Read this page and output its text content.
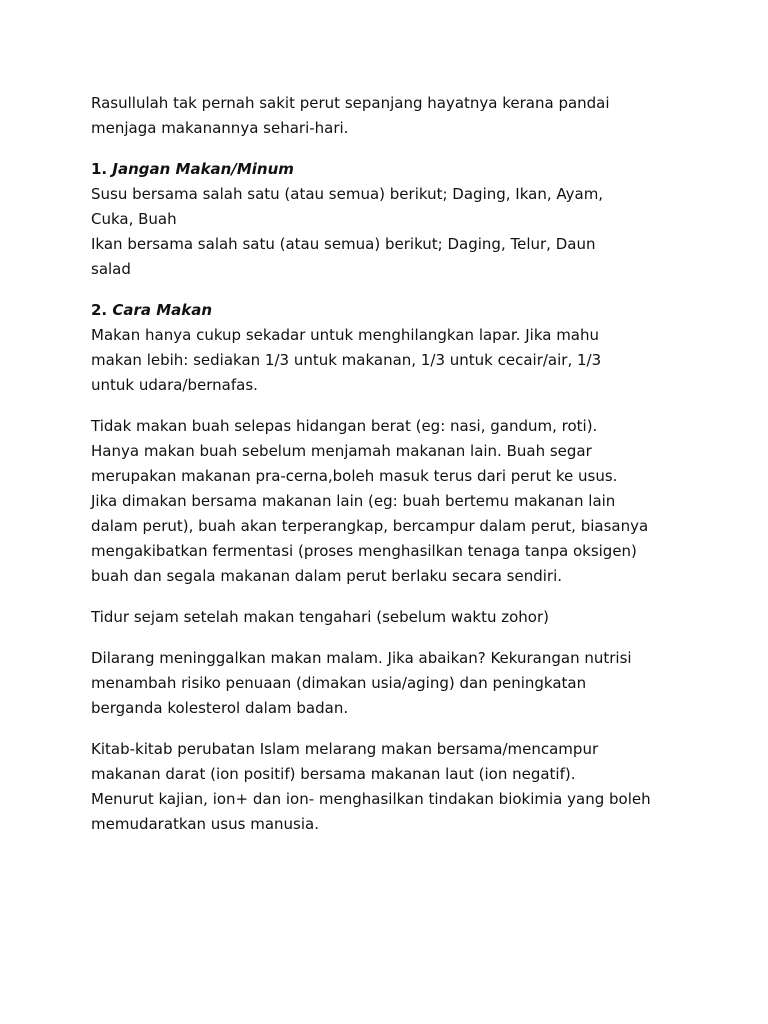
Rasullulah tak pernah sakit perut sepanjang hayatnya kerana pandai
menjaga makanannya sehari-hari.

1. Jangan Makan/Minum
Susu bersama salah satu (atau semua) berikut; Daging, Ikan, Ayam,
Cuka, Buah
Ikan bersama salah satu (atau semua) berikut; Daging, Telur, Daun
salad

2. Cara Makan
Makan hanya cukup sekadar untuk menghilangkan lapar. Jika mahu
makan lebih: sediakan 1/3 untuk makanan, 1/3 untuk cecair/air, 1/3
untuk udara/bernafas.

Tidak makan buah selepas hidangan berat (eg: nasi, gandum, roti).
Hanya makan buah sebelum menjamah makanan lain. Buah segar
merupakan makanan pra-cerna,boleh masuk terus dari perut ke usus.
Jika dimakan bersama makanan lain (eg: buah bertemu makanan lain
dalam perut), buah akan terperangkap, bercampur dalam perut, biasanya
mengakibatkan fermentasi (proses menghasilkan tenaga tanpa oksigen)
buah dan segala makanan dalam perut berlaku secara sendiri.

Tidur sejam setelah makan tengahari (sebelum waktu zohor)

Dilarang meninggalkan makan malam. Jika abaikan? Kekurangan nutrisi
menambah risiko penuaan (dimakan usia/aging) dan peningkatan
berganda kolesterol dalam badan.

Kitab-kitab perubatan Islam melarang makan bersama/mencampur
makanan darat (ion positif) bersama makanan laut (ion negatif).
Menurut kajian, ion+ dan ion- menghasilkan tindakan biokimia yang boleh
memudaratkan usus manusia.
